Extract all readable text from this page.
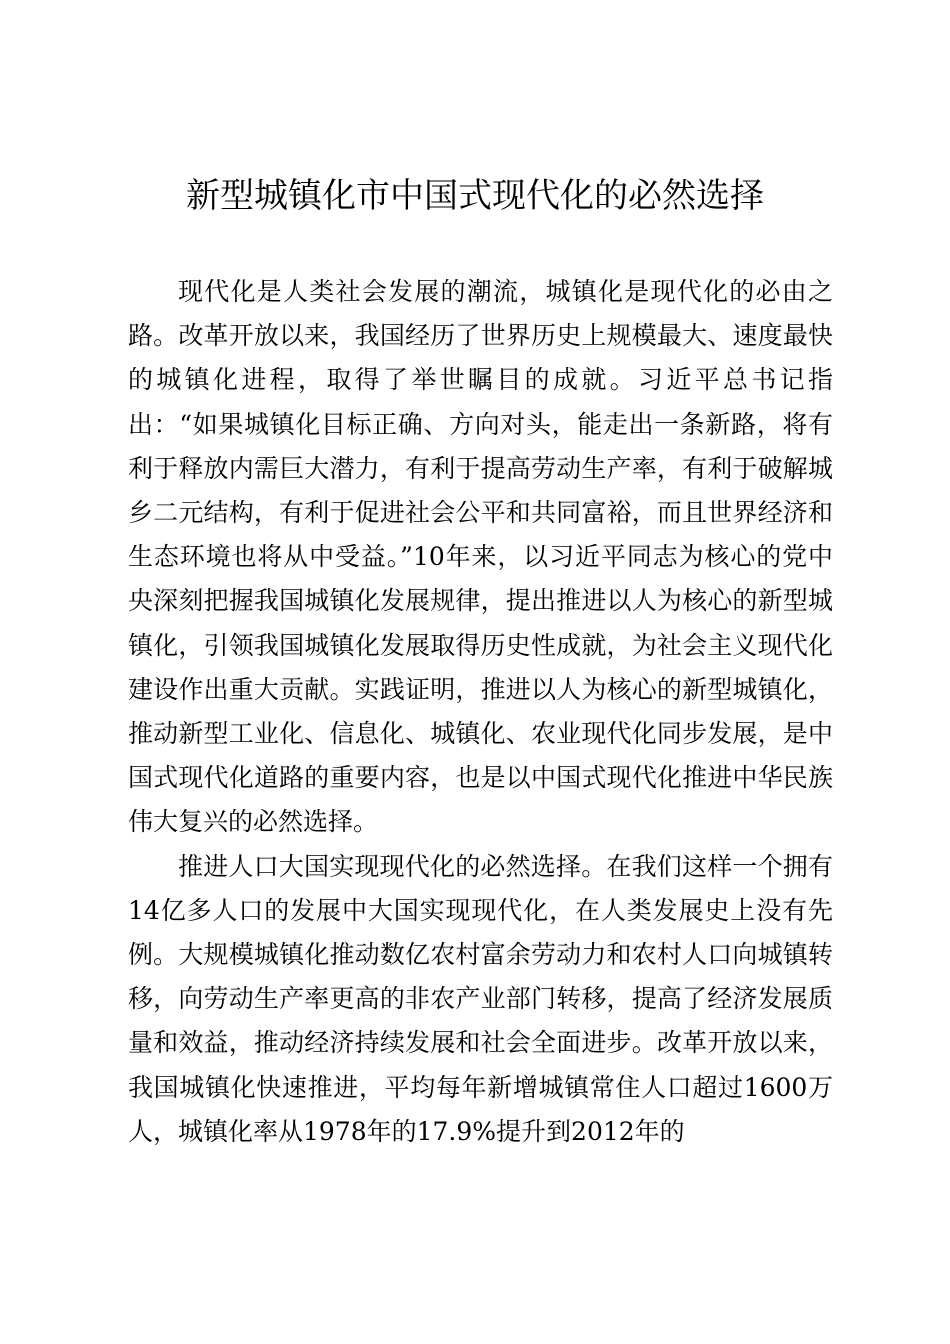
新型城镇化市中国式现代化的必然选择

现代化是人类社会发展的潮流，城镇化是现代化的必由之路。改革开放以来，我国经历了世界历史上规模最大、速度最快的城镇化进程，取得了举世瞩目的成就。习近平总书记指出：“如果城镇化目标正确、方向对头，能走出一条新路，将有利于释放内需巨大潜力，有利于提高劳动生产率，有利于破解城乡二元结构，有利于促进社会公平和共同富裕，而且世界经济和生态环境也将从中受益。”10年来，以习近平同志为核心的党中央深刻把握我国城镇化发展规律，提出推进以人为核心的新型城镇化，引领我国城镇化发展取得历史性成就，为社会主义现代化建设作出重大贡献。实践证明，推进以人为核心的新型城镇化，推动新型工业化、信息化、城镇化、农业现代化同步发展，是中国式现代化道路的重要内容，也是以中国式现代化推进中华民族伟大复兴的必然选择。

推进人口大国实现现代化的必然选择。在我们这样一个拥有14亿多人口的发展中大国实现现代化，在人类发展史上没有先例。大规模城镇化推动数亿农村富余劳动力和农村人口向城镇转移，向劳动生产率更高的非农产业部门转移，提高了经济发展质量和效益，推动经济持续发展和社会全面进步。改革开放以来，我国城镇化快速推进，平均每年新增城镇常住人口超过1600万人，城镇化率从1978年的17.9%提升到2012年的
